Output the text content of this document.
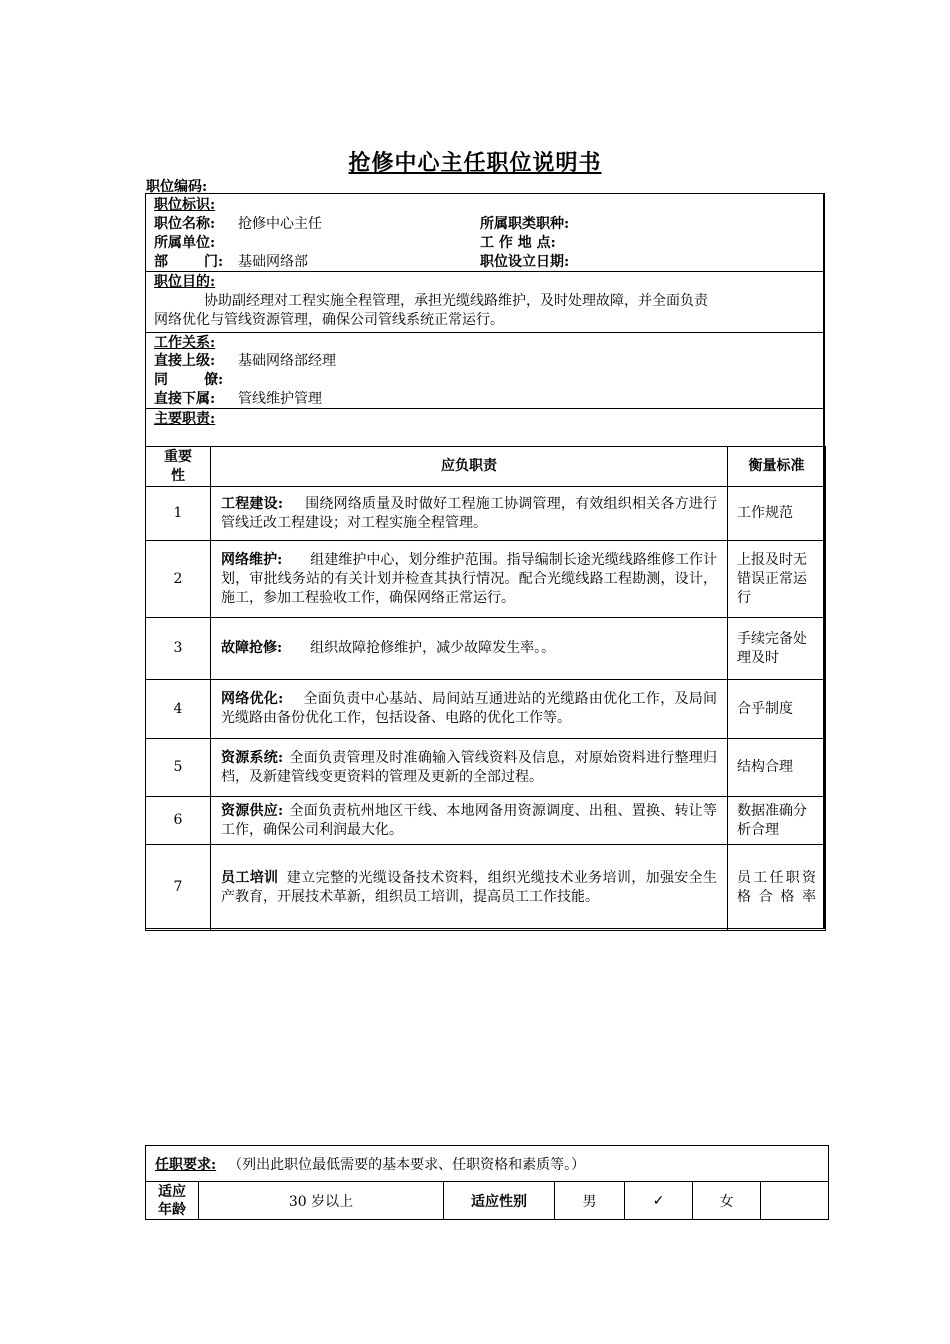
抢修中心主任职位说明书
职位编码:
职位标识:
职位名称: 抢修中心主任	所属职类职种:
所属单位:	工 作 地 点:
部	门: 基础网络部	职位设立日期:
职位目的:
协助副经理对工程实施全程管理，承担光缆线路维护，及时处理故障，并全面负责
网络优化与管线资源管理，确保公司管线系统正常运行。
工作关系:
直接上级: 基础网络部经理
同	僚:
直接下属: 管线维护管理
主要职责:
重要
性	应负职责	衡量标准
1	工程建设: 围绕网络质量及时做好工程施工协调管理，有效组织相关各方进行管线迁改工程建设；对工程实施全程管理。	工作规范
2	网络维护: 组建维护中心，划分维护范围。指导编制长途光缆线路维修工作计划，审批线务站的有关计划并检查其执行情况。配合光缆线路工程勘测，设计，施工，参加工程验收工作，确保网络正常运行。	上报及时无错误正常运行
3	故障抢修: 组织故障抢修维护，减少故障发生率。。	手续完备处理及时
4	网络优化: 全面负责中心基站、局间站互通进站的光缆路由优化工作，及局间光缆路由备份优化工作，包括设备、电路的优化工作等。	合乎制度
5	资源系统: 全面负责管理及时准确输入管线资料及信息，对原始资料进行整理归档，及新建管线变更资料的管理及更新的全部过程。	结构合理
6	资源供应: 全面负责杭州地区干线、本地网备用资源调度、出租、置换、转让等工作，确保公司利润最大化。	数据准确分析合理
7	员工培训 建立完整的光缆设备技术资料，组织光缆技术业务培训，加强安全生产教育，开展技术革新，组织员工培训，提高员工工作技能。	员工任职资格合格率
任职要求: （列出此职位最低需要的基本要求、任职资格和素质等。）
适应
年龄	30 岁以上	适应性别	男	✓	女	
